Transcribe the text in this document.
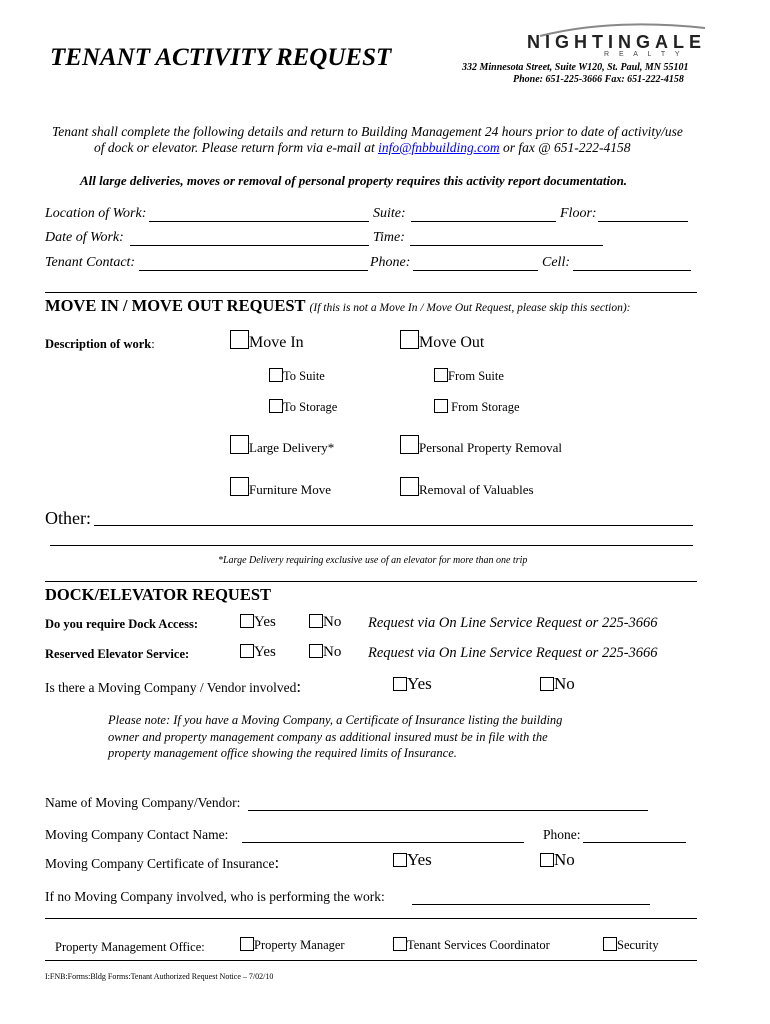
TENANT ACTIVITY REQUEST
NIGHTINGALE
R E A L T Y
332 Minnesota Street, Suite W120, St. Paul, MN 55101
Phone: 651-225-3666 Fax: 651-222-4158
Tenant shall complete the following details and return to Building Management 24 hours prior to date of activity/use
of dock or elevator. Please return form via e-mail at info@fnbbuilding.com or fax @ 651-222-4158
All large deliveries, moves or removal of personal property requires this activity report documentation.
Location of Work:	Suite:	Floor:
Date of Work:	Time:
Tenant Contact:	Phone:	Cell:
MOVE IN / MOVE OUT REQUEST (If this is not a Move In / Move Out Request, please skip this section):
Description of work:	Move In	Move Out
To Suite	From Suite
To Storage	From Storage
Large Delivery*	Personal Property Removal
Furniture Move	Removal of Valuables
Other:
*Large Delivery requiring exclusive use of an elevator for more than one trip
DOCK/ELEVATOR REQUEST
Do you require Dock Access:	Yes	No Request via On Line Service Request or 225-3666
Reserved Elevator Service:	Yes	No Request via On Line Service Request or 225-3666
Is there a Moving Company / Vendor involved:	Yes	No
Please note: If you have a Moving Company, a Certificate of Insurance listing the building
owner and property management company as additional insured must be in file with the
property management office showing the required limits of Insurance.
Name of Moving Company/Vendor:
Moving Company Contact Name:	Phone:
Moving Company Certificate of Insurance:	Yes	No
If no Moving Company involved, who is performing the work:
Property Management Office:	Property Manager	Tenant Services Coordinator	Security
I:FNB:Forms:Bldg Forms:Tenant Authorized Request Notice – 7/02/10
